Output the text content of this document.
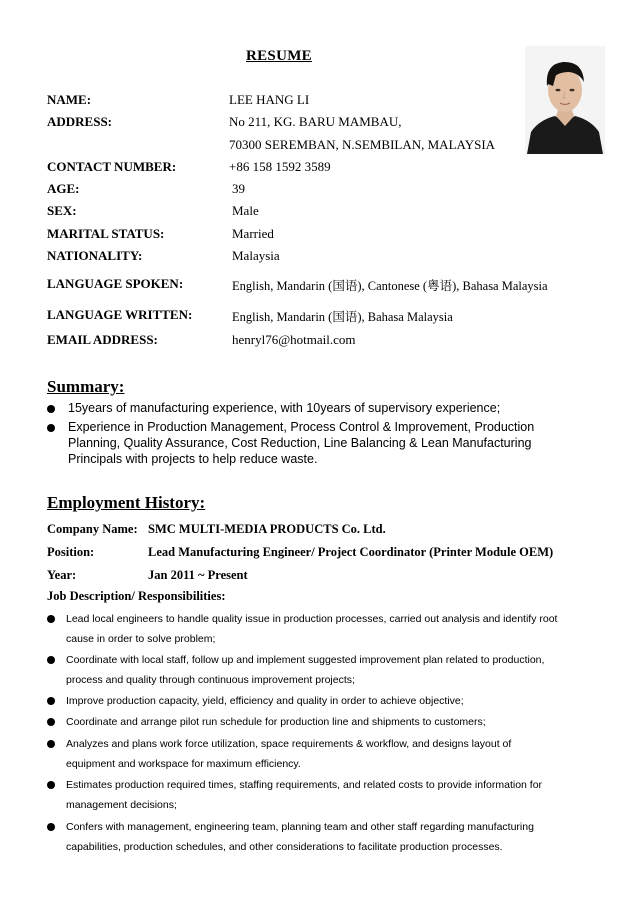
RESUME
NAME:	LEE HANG LI
ADDRESS:	No 211, KG. BARU MAMBAU,
70300 SEREMBAN, N.SEMBILAN, MALAYSIA
CONTACT NUMBER:	+86 158 1592 3589
AGE:	39
SEX:	Male
MARITAL STATUS:	Married
NATIONALITY:	Malaysia
LANGUAGE SPOKEN:	English, Mandarin (国语), Cantonese (粤语), Bahasa Malaysia
LANGUAGE WRITTEN:	English, Mandarin (国语), Bahasa Malaysia
EMAIL ADDRESS:	henryl76@hotmail.com
Summary:
15years of manufacturing experience, with 10years of supervisory experience;
Experience in Production Management, Process Control & Improvement, Production
Planning, Quality Assurance, Cost Reduction, Line Balancing & Lean Manufacturing
Principals with projects to help reduce waste.
Employment History:
Company Name: SMC MULTI-MEDIA PRODUCTS Co. Ltd.
Position:	Lead Manufacturing Engineer/ Project Coordinator (Printer Module OEM)
Year:	Jan 2011 ~ Present
Job Description/ Responsibilities:
Lead local engineers to handle quality issue in production processes, carried out analysis and identify root
cause in order to solve problem;
Coordinate with local staff, follow up and implement suggested improvement plan related to production,
process and quality through continuous improvement projects;
Improve production capacity, yield, efficiency and quality in order to achieve objective;
Coordinate and arrange pilot run schedule for production line and shipments to customers;
Analyzes and plans work force utilization, space requirements & workflow, and designs layout of
equipment and workspace for maximum efficiency.
Estimates production required times, staffing requirements, and related costs to provide information for
management decisions;
Confers with management, engineering team, planning team and other staff regarding manufacturing
capabilities, production schedules, and other considerations to facilitate production processes.
